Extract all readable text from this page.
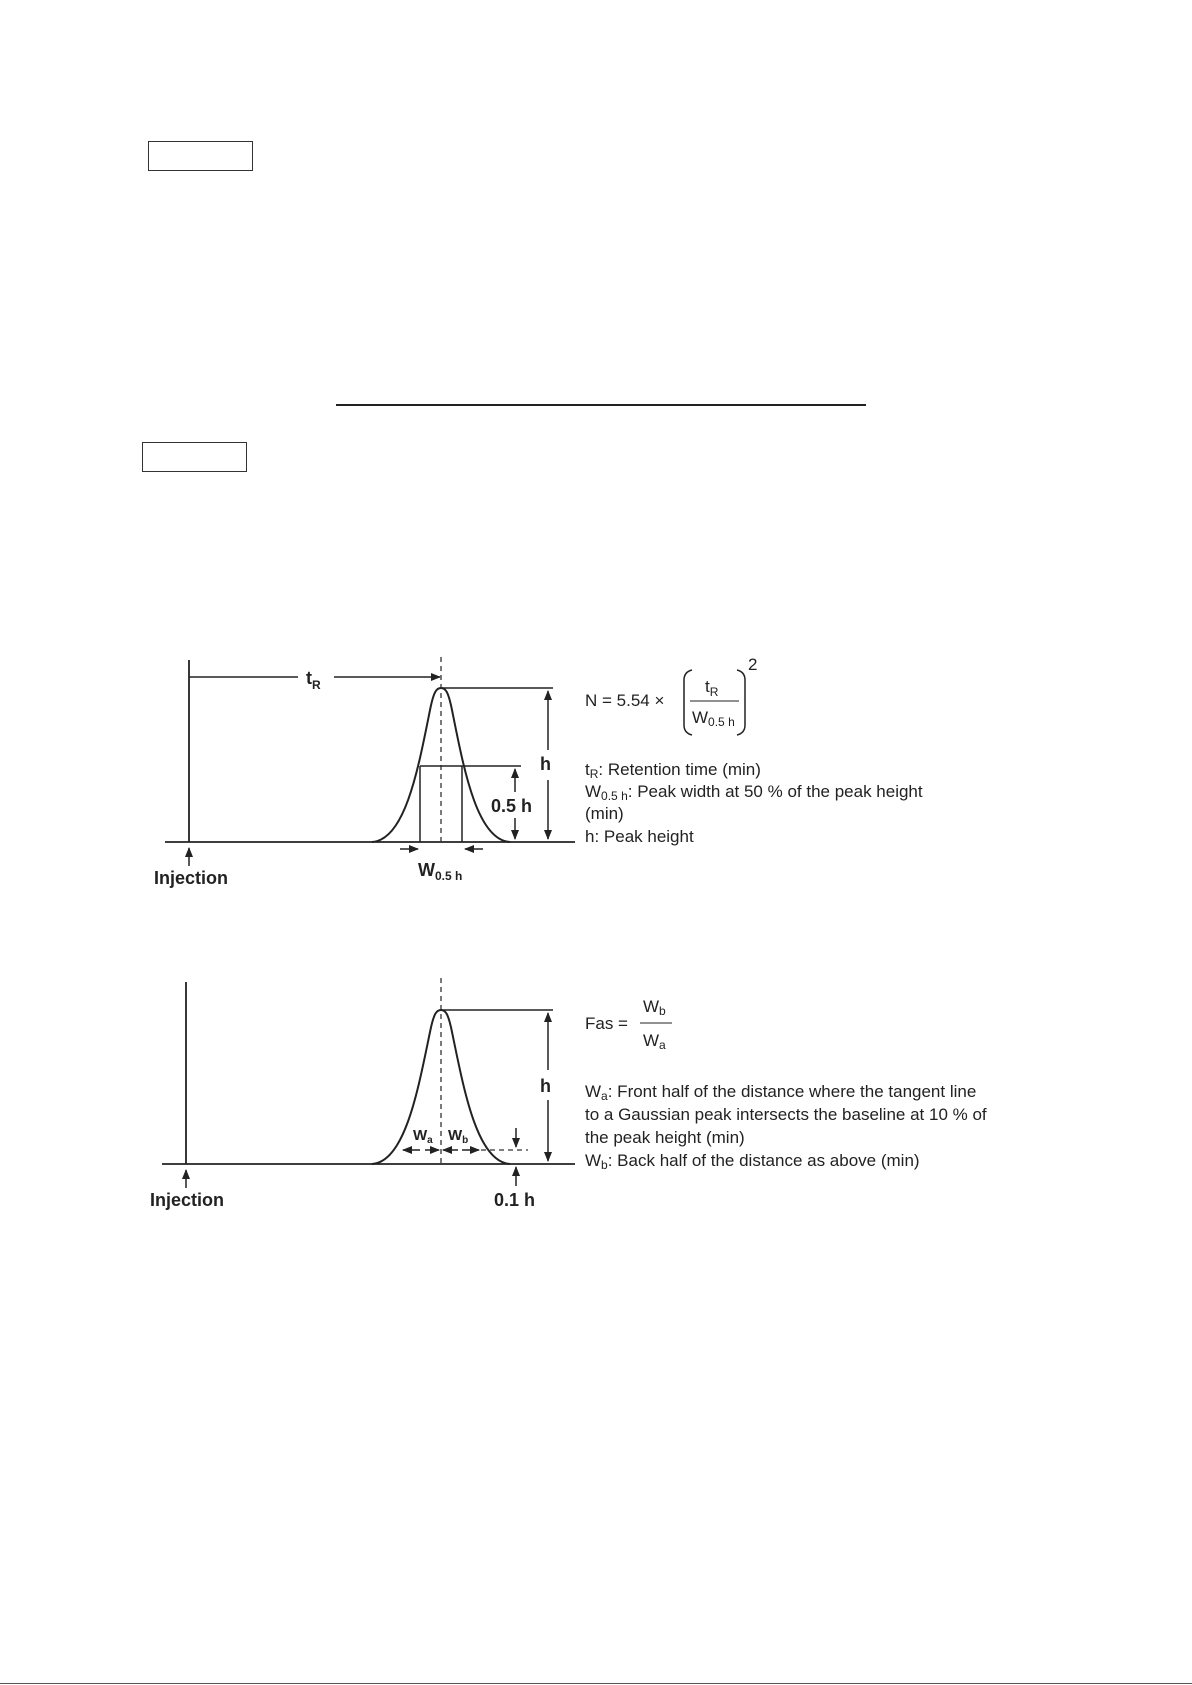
Injection
$t_R$
h
0.5 h
$W_{0.5 h}$
N = 5.54 ×
$t_R$
W0.5 h
2
tR: Retention time (min)
W0.5 h: Peak width at 50 % of the peak height
(min)
h: Peak height
Injection
h
$W_a$ $W_b$
0.1 h
Fas =
Wb
Wa
Wa: Front half of the distance where the tangent line
to a Gaussian peak intersects the baseline at 10 % of
the peak height (min)
Wb: Back half of the distance as above (min)
